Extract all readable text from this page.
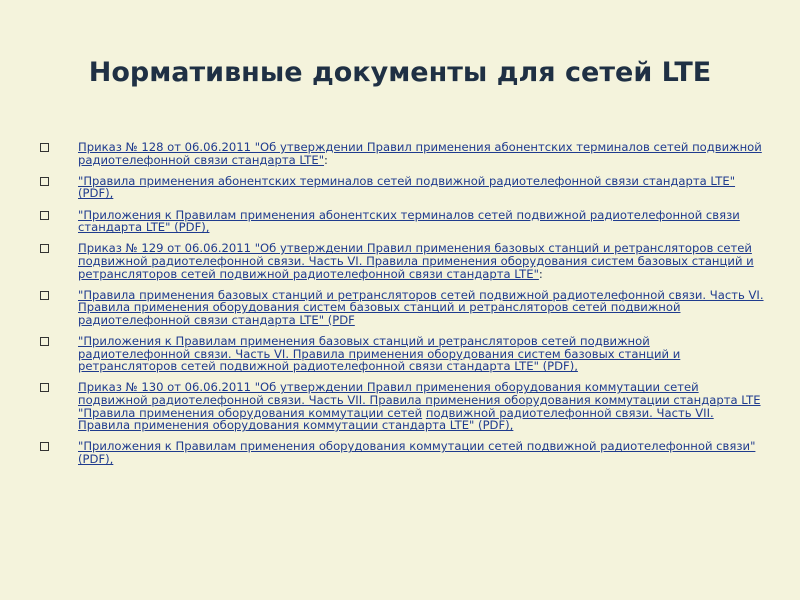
Нормативные документы для сетей LTE
Приказ № 128 от 06.06.2011 "Об утверждении Правил применения абонентских терминалов сетей подвижной радиотелефонной связи стандарта LTE":
"Правила применения абонентских терминалов сетей подвижной радиотелефонной связи стандарта LTE" (PDF),
"Приложения к Правилам применения абонентских терминалов сетей подвижной радиотелефонной связи стандарта LTE" (PDF),
Приказ № 129 от 06.06.2011 "Об утверждении Правил применения базовых станций и ретрансляторов сетей подвижной радиотелефонной связи. Часть VI. Правила применения оборудования систем базовых станций и ретрансляторов сетей подвижной радиотелефонной связи стандарта LTE":
"Правила применения базовых станций и ретрансляторов сетей подвижной радиотелефонной связи. Часть VI. Правила применения оборудования систем базовых станций и ретрансляторов сетей подвижной радиотелефонной связи стандарта LTE" (PDF
"Приложения к Правилам применения базовых станций и ретрансляторов сетей подвижной радиотелефонной связи. Часть VI. Правила применения оборудования систем базовых станций и ретрансляторов сетей подвижной радиотелефонной связи стандарта LTE" (PDF),
Приказ № 130 от 06.06.2011 "Об утверждении Правил применения оборудования коммутации сетей подвижной радиотелефонной связи. Часть VII. Правила применения оборудования коммутации стандарта LTE "Правила применения оборудования коммутации сетей подвижной радиотелефонной связи. Часть VII. Правила применения оборудования коммутации стандарта LTE" (PDF),
"Приложения к Правилам применения оборудования коммутации сетей подвижной радиотелефонной связи" (PDF),
